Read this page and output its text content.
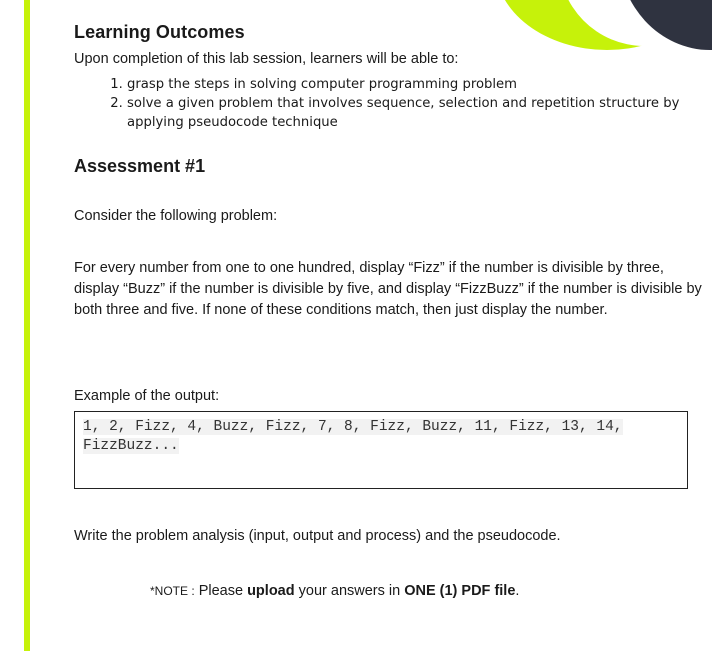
Learning Outcomes

Upon completion of this lab session, learners will be able to:

1. grasp the steps in solving computer programming problem
2. solve a given problem that involves sequence, selection and repetition structure by applying pseudocode technique
Assessment #1

Consider the following problem:

For every number from one to one hundred, display “Fizz” if the number is divisible by three, display “Buzz” if the number is divisible by five, and display “FizzBuzz” if the number is divisible by both three and five. If none of these conditions match, then just display the number.

Example of the output:

1, 2, Fizz, 4, Buzz, Fizz, 7, 8, Fizz, Buzz, 11, Fizz, 13, 14, FizzBuzz...

Write the problem analysis (input, output and process) and the pseudocode.

*NOTE : Please upload your answers in ONE (1) PDF file.
